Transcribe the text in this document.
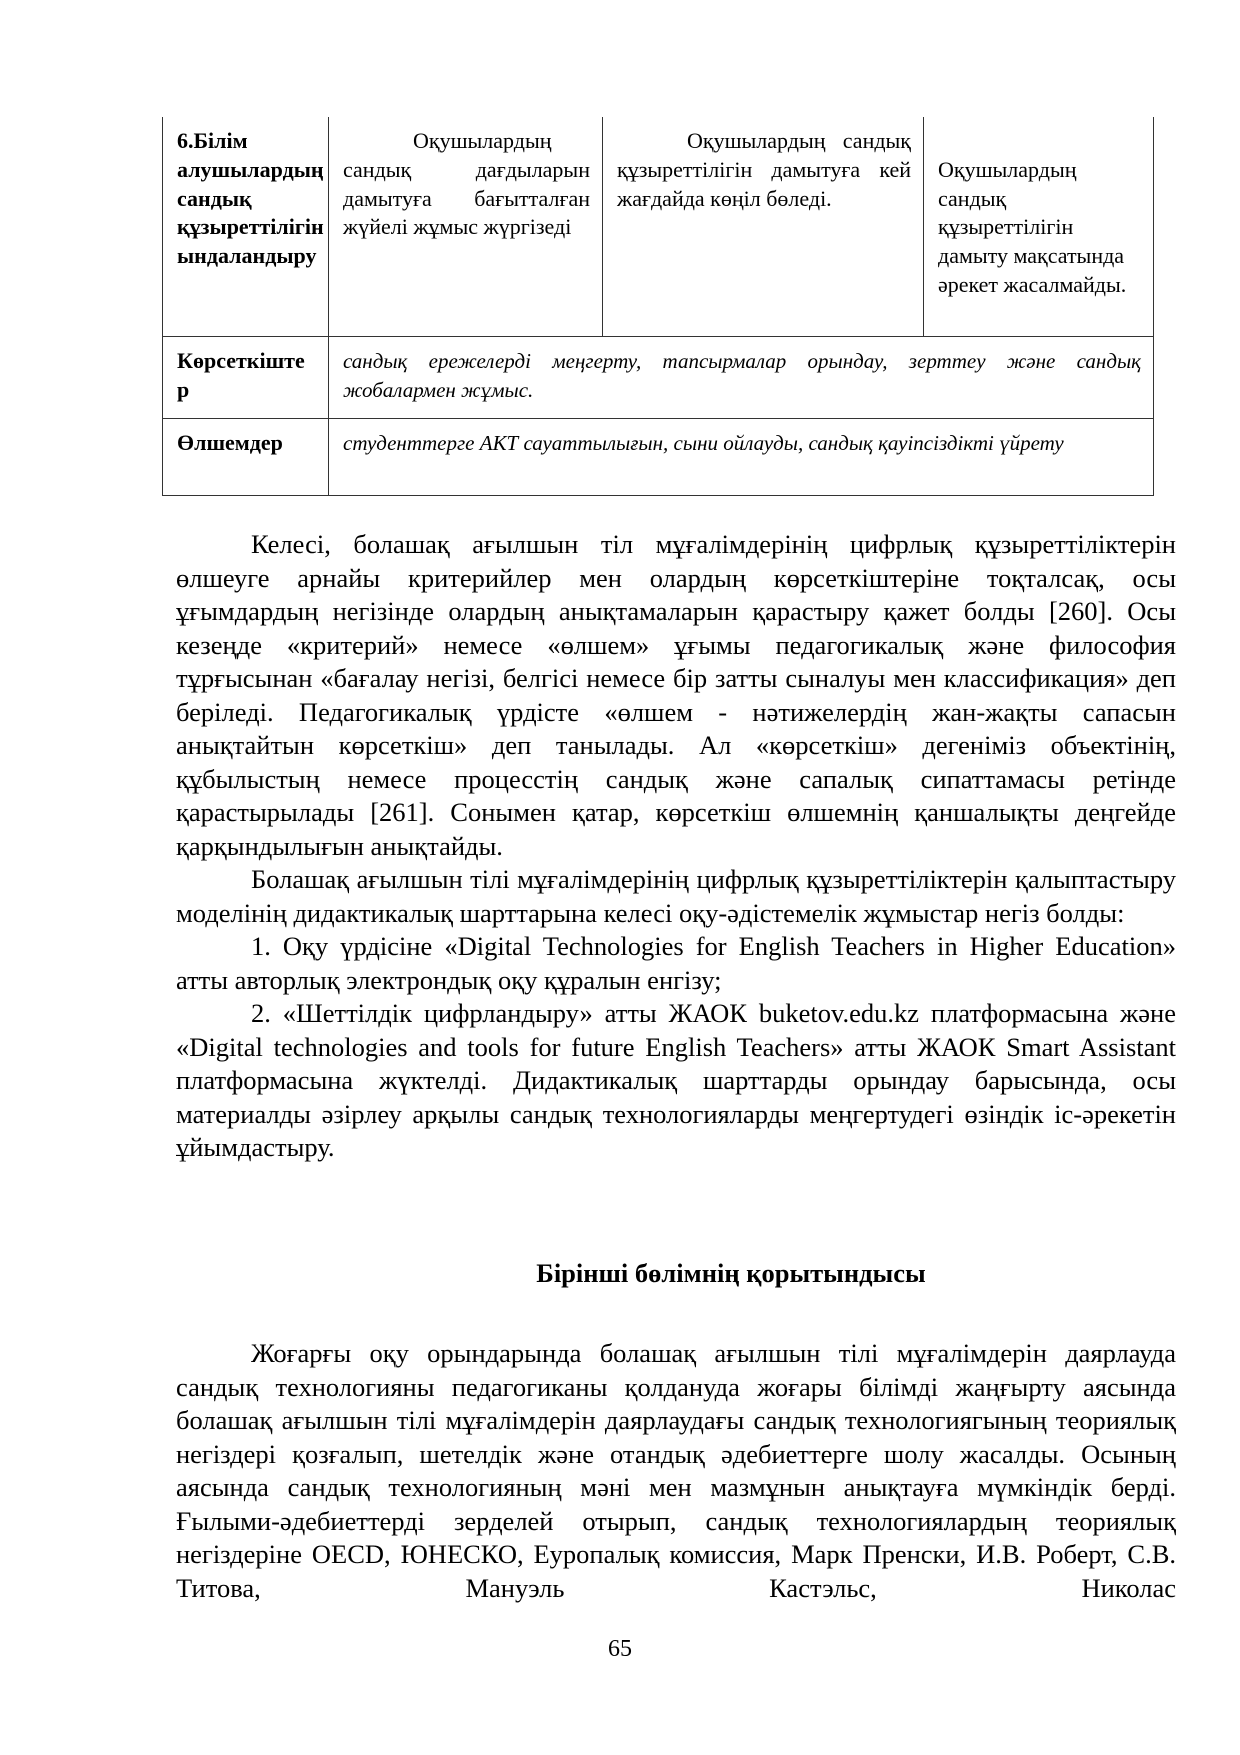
6.Білім алушылардың сандық құзыреттілігін ындаландыру	Оқушылардың сандық дағдыларын дамытуға бағытталған жүйелі жұмыс жүргізеді	Оқушылардың сандық құзыреттілігін дамытуға кей жағдайда көңіл бөледі.	Оқушылардың сандық құзыреттілігін дамыту мақсатында әрекет жасалмайды.
Көрсеткіштер	сандық ережелерді меңгерту, тапсырмалар орындау, зерттеу және сандық жобалармен жұмыс.		
Өлшемдер	студенттерге АКТ сауаттылығын, сыни ойлауды, сандық қауіпсіздікті үйрету		

Келесі, болашақ ағылшын тіл мұғалімдерінің цифрлық құзыреттіліктерін өлшеуге арнайы критерийлер мен олардың көрсеткіштеріне тоқталсақ, осы ұғымдардың негізінде олардың анықтамаларын қарастыру қажет болды [260]. Осы кезеңде «критерий» немесе «өлшем» ұғымы педагогикалық және философия тұрғысынан «бағалау негізі, белгісі немесе бір затты сыналуы мен классификация» деп беріледі. Педагогикалық үрдісте «өлшем - нәтижелердің жан-жақты сапасын анықтайтын көрсеткіш» деп танылады. Ал «көрсеткіш» дегеніміз объектінің, құбылыстың немесе процесстің сандық және сапалық сипаттамасы ретінде қарастырылады [261]. Сонымен қатар, көрсеткіш өлшемнің қаншалықты деңгейде қарқындылығын анықтайды.

Болашақ ағылшын тілі мұғалімдерінің цифрлық құзыреттіліктерін қалыптастыру моделінің дидактикалық шарттарына келесі оқу-әдістемелік жұмыстар негіз болды:

1. Оқу үрдісіне «Digital Technologies for English Teachers in Higher Education» атты авторлық электрондық оқу құралын енгізу;

2. «Шеттілдік цифрландыру» атты ЖАОК buketov.edu.kz платформасына және «Digital technologies and tools for future English Teachers» атты ЖАОК Smart Assistant платформасына жүктелді. Дидактикалық шарттарды орындау барысында, осы материалды әзірлеу арқылы сандық технологияларды меңгертудегі өзіндік іс-әрекетін ұйымдастыру.

Бірінші бөлімнің қорытындысы

Жоғарғы оқу орындарында болашақ ағылшын тілі мұғалімдерін даярлауда сандық технологияны педагогиканы қолдануда жоғары білімді жаңғырту аясында болашақ ағылшын тілі мұғалімдерін даярлаудағы сандық технологиягының теориялық негіздері қозғалып, шетелдік және отандық әдебиеттерге шолу жасалды. Осының аясында сандық технологияның мәні мен мазмұнын анықтауға мүмкіндік берді. Ғылыми-әдебиеттерді зерделей отырып, сандық технологиялардың теориялық негіздеріне OECD, ЮНЕСКО, Еуропалық комиссия, Марк Пренски, И.В. Роберт, С.В. Титова, Мануэль Кастэльс, Николас

65
